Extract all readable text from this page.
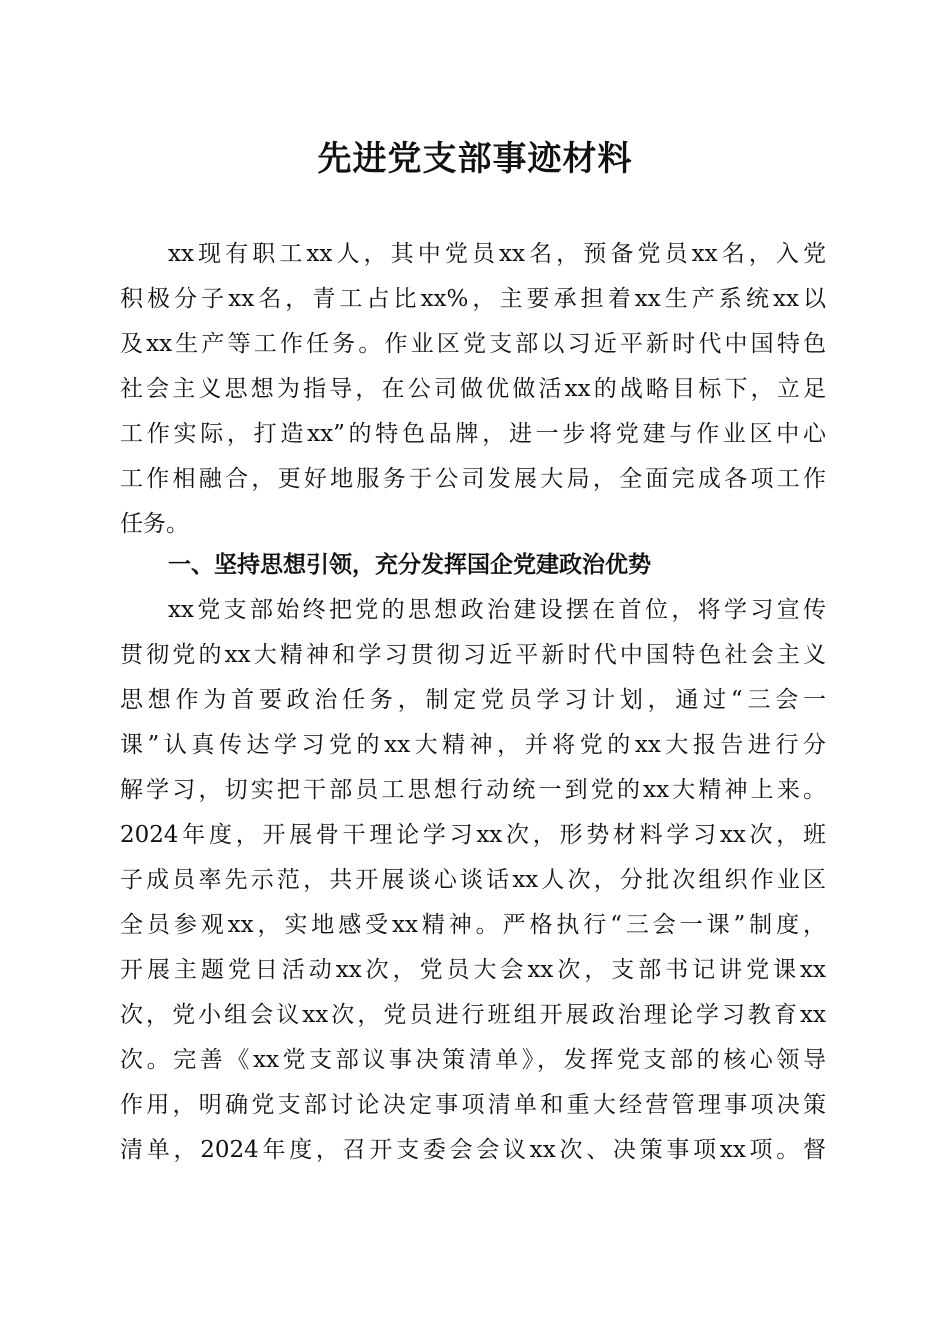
先进党支部事迹材料
xx现有职工xx人，其中党员xx名，预备党员xx名，入党
积极分子xx名，青工占比xx%，主要承担着xx生产系统xx以
及xx生产等工作任务。作业区党支部以习近平新时代中国特色
社会主义思想为指导，在公司做优做活xx的战略目标下，立足
工作实际，打造xx”的特色品牌，进一步将党建与作业区中心
工作相融合，更好地服务于公司发展大局，全面完成各项工作
任务。
一、坚持思想引领，充分发挥国企党建政治优势
xx党支部始终把党的思想政治建设摆在首位，将学习宣传
贯彻党的xx大精神和学习贯彻习近平新时代中国特色社会主义
思想作为首要政治任务，制定党员学习计划，通过“三会一
课”认真传达学习党的xx大精神，并将党的xx大报告进行分
解学习，切实把干部员工思想行动统一到党的xx大精神上来。
2024年度，开展骨干理论学习xx次，形势材料学习xx次，班
子成员率先示范，共开展谈心谈话xx人次，分批次组织作业区
全员参观xx，实地感受xx精神。严格执行“三会一课”制度，
开展主题党日活动xx次，党员大会xx次，支部书记讲党课xx
次，党小组会议xx次，党员进行班组开展政治理论学习教育xx
次。完善《xx党支部议事决策清单》，发挥党支部的核心领导
作用，明确党支部讨论决定事项清单和重大经营管理事项决策
清单，2024年度，召开支委会会议xx次、决策事项xx项。督
